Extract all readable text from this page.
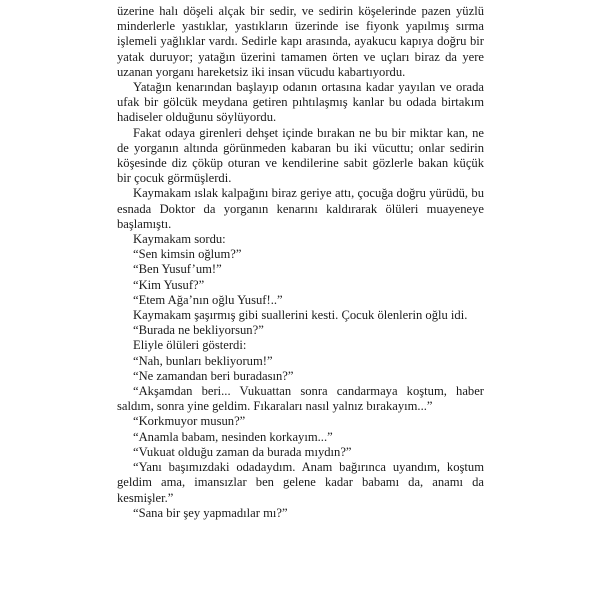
üzerine halı döşeli alçak bir sedir, ve sedirin köşelerinde pazen yüzlü minderlerle yastıklar, yastıkların üzerinde ise fiyonk yapılmış sırma işlemeli yağlıklar vardı. Sedirle kapı arasında, ayakucu kapıya doğru bir yatak duruyor; yatağın üzerini tamamen örten ve uçları biraz da yere uzanan yorganı hareketsiz iki insan vücudu kabartıyordu.

Yatağın kenarından başlayıp odanın ortasına kadar yayılan ve orada ufak bir gölcük meydana getiren pıhtılaşmış kanlar bu odada birtakım hadiseler olduğunu söylüyordu.

Fakat odaya girenleri dehşet içinde bırakan ne bu bir miktar kan, ne de yorganın altında görünmeden kabaran bu iki vücuttu; onlar sedirin köşesinde diz çöküp oturan ve kendilerine sabit gözlerle bakan küçük bir çocuk görmüşlerdi.

Kaymakam ıslak kalpağını biraz geriye attı, çocuğa doğru yürüdü, bu esnada Doktor da yorganın kenarını kaldırarak ölüleri muayeneye başlamıştı.

Kaymakam sordu:

“Sen kimsin oğlum?”

“Ben Yusuf’um!”

“Kim Yusuf?”

“Etem Ağa’nın oğlu Yusuf!..”

Kaymakam şaşırmış gibi suallerini kesti. Çocuk ölenlerin oğlu idi.

“Burada ne bekliyorsun?”

Eliyle ölüleri gösterdi:

“Nah, bunları bekliyorum!”

“Ne zamandan beri buradasın?”

“Akşamdan beri... Vukuattan sonra candarmaya koştum, haber saldım, sonra yine geldim. Fıkaraları nasıl yalnız bırakayım...”

“Korkmuyor musun?”

“Anamla babam, nesinden korkayım...”

“Vukuat olduğu zaman da burada mıydın?”

“Yanı başımızdaki odadaydım. Anam bağırınca uyandım, koştum geldim ama, imansızlar ben gelene kadar babamı da, anamı da kesmişler.”

“Sana bir şey yapmadılar mı?”
